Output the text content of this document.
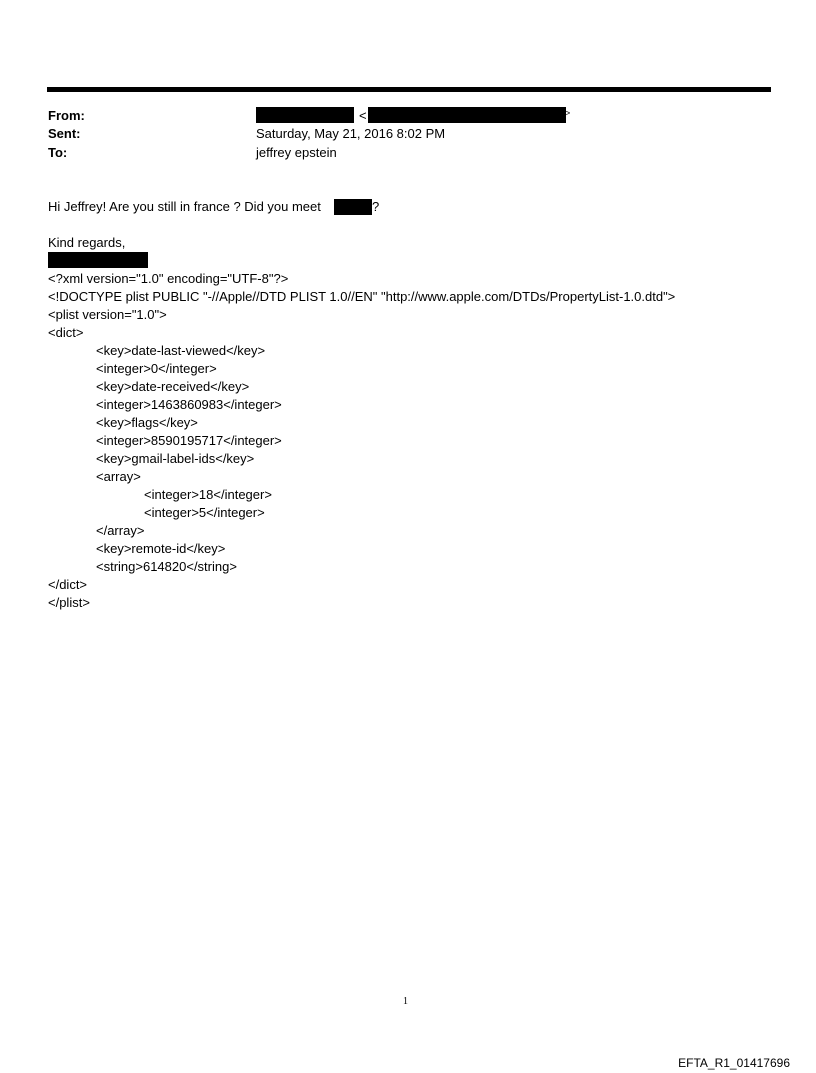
From:	<	>
Sent:	Saturday, May 21, 2016 8:02 PM
To:	jeffrey epstein
Hi Jeffrey! Are you still in france ? Did you meet	?
Kind regards,
<?xml version="1.0" encoding="UTF-8"?>
<!DOCTYPE plist PUBLIC "-//Apple//DTD PLIST 1.0//EN" "http://www.apple.com/DTDs/PropertyList-1.0.dtd">
<plist version="1.0">
<dict>
<key>date-last-viewed</key>
<integer>0</integer>
<key>date-received</key>
<integer>1463860983</integer>
<key>flags</key>
<integer>8590195717</integer>
<key>gmail-label-ids</key>
<array>
<integer>18</integer>
<integer>5</integer>
</array>
<key>remote-id</key>
<string>614820</string>
</dict>
</plist>
1
EFTA_R1_01417696
